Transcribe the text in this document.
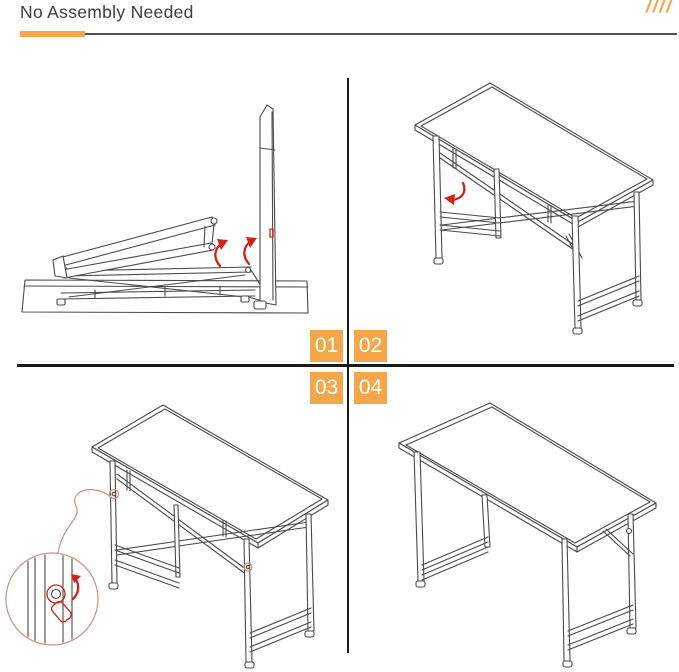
No Assembly Needed	////
01 02
03 04
